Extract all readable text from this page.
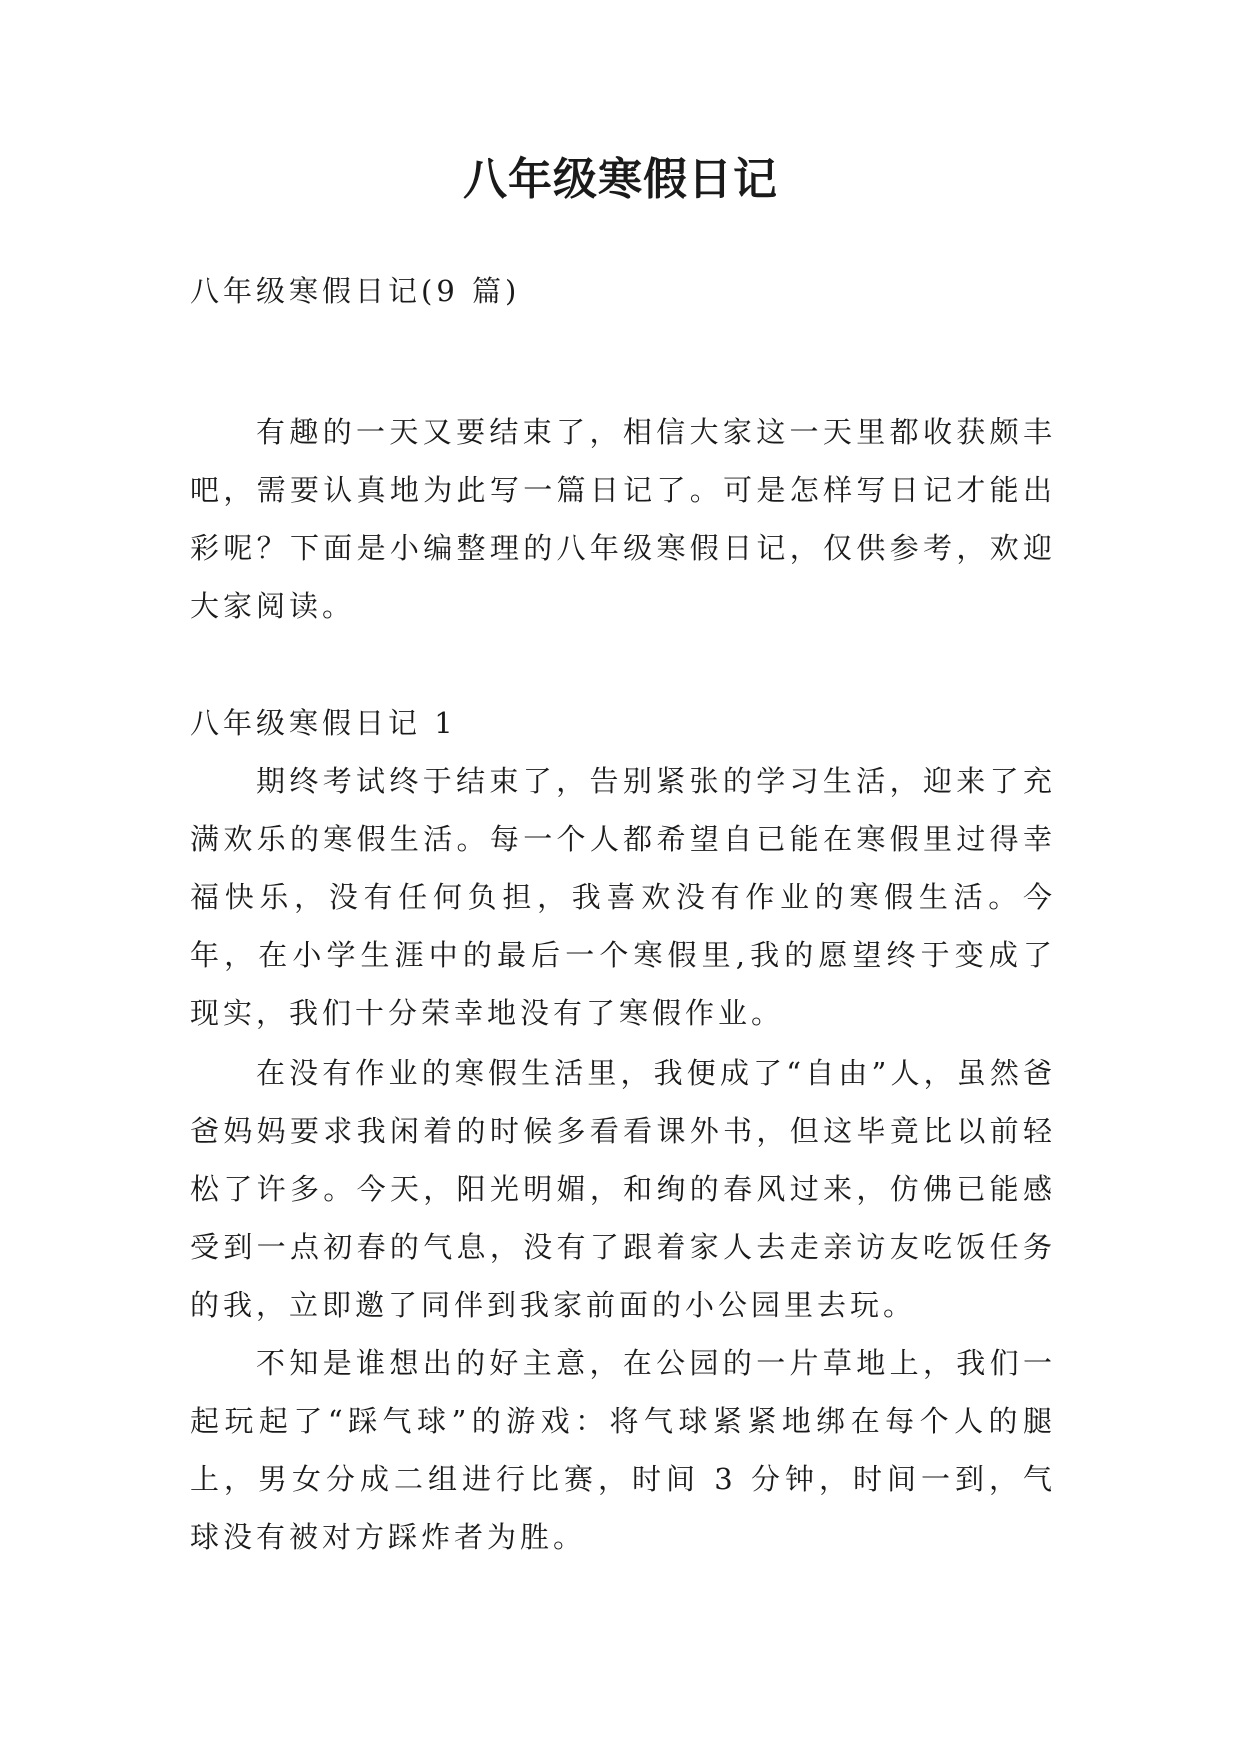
八年级寒假日记
八年级寒假日记(9 篇)
有趣的一天又要结束了，相信大家这一天里都收获颇丰吧，需要认真地为此写一篇日记了。可是怎样写日记才能出彩呢？下面是小编整理的八年级寒假日记，仅供参考，欢迎大家阅读。
八年级寒假日记 1
期终考试终于结束了，告别紧张的学习生活，迎来了充满欢乐的寒假生活。每一个人都希望自已能在寒假里过得幸福快乐，没有任何负担，我喜欢没有作业的寒假生活。今年，在小学生涯中的最后一个寒假里,我的愿望终于变成了现实，我们十分荣幸地没有了寒假作业。
在没有作业的寒假生活里，我便成了“自由”人，虽然爸爸妈妈要求我闲着的时候多看看课外书，但这毕竟比以前轻松了许多。今天，阳光明媚，和绚的春风过来，仿佛已能感受到一点初春的气息，没有了跟着家人去走亲访友吃饭任务的我，立即邀了同伴到我家前面的小公园里去玩。
不知是谁想出的好主意，在公园的一片草地上，我们一起玩起了“踩气球”的游戏：将气球紧紧地绑在每个人的腿上，男女分成二组进行比赛，时间 3 分钟，时间一到，气球没有被对方踩炸者为胜。
